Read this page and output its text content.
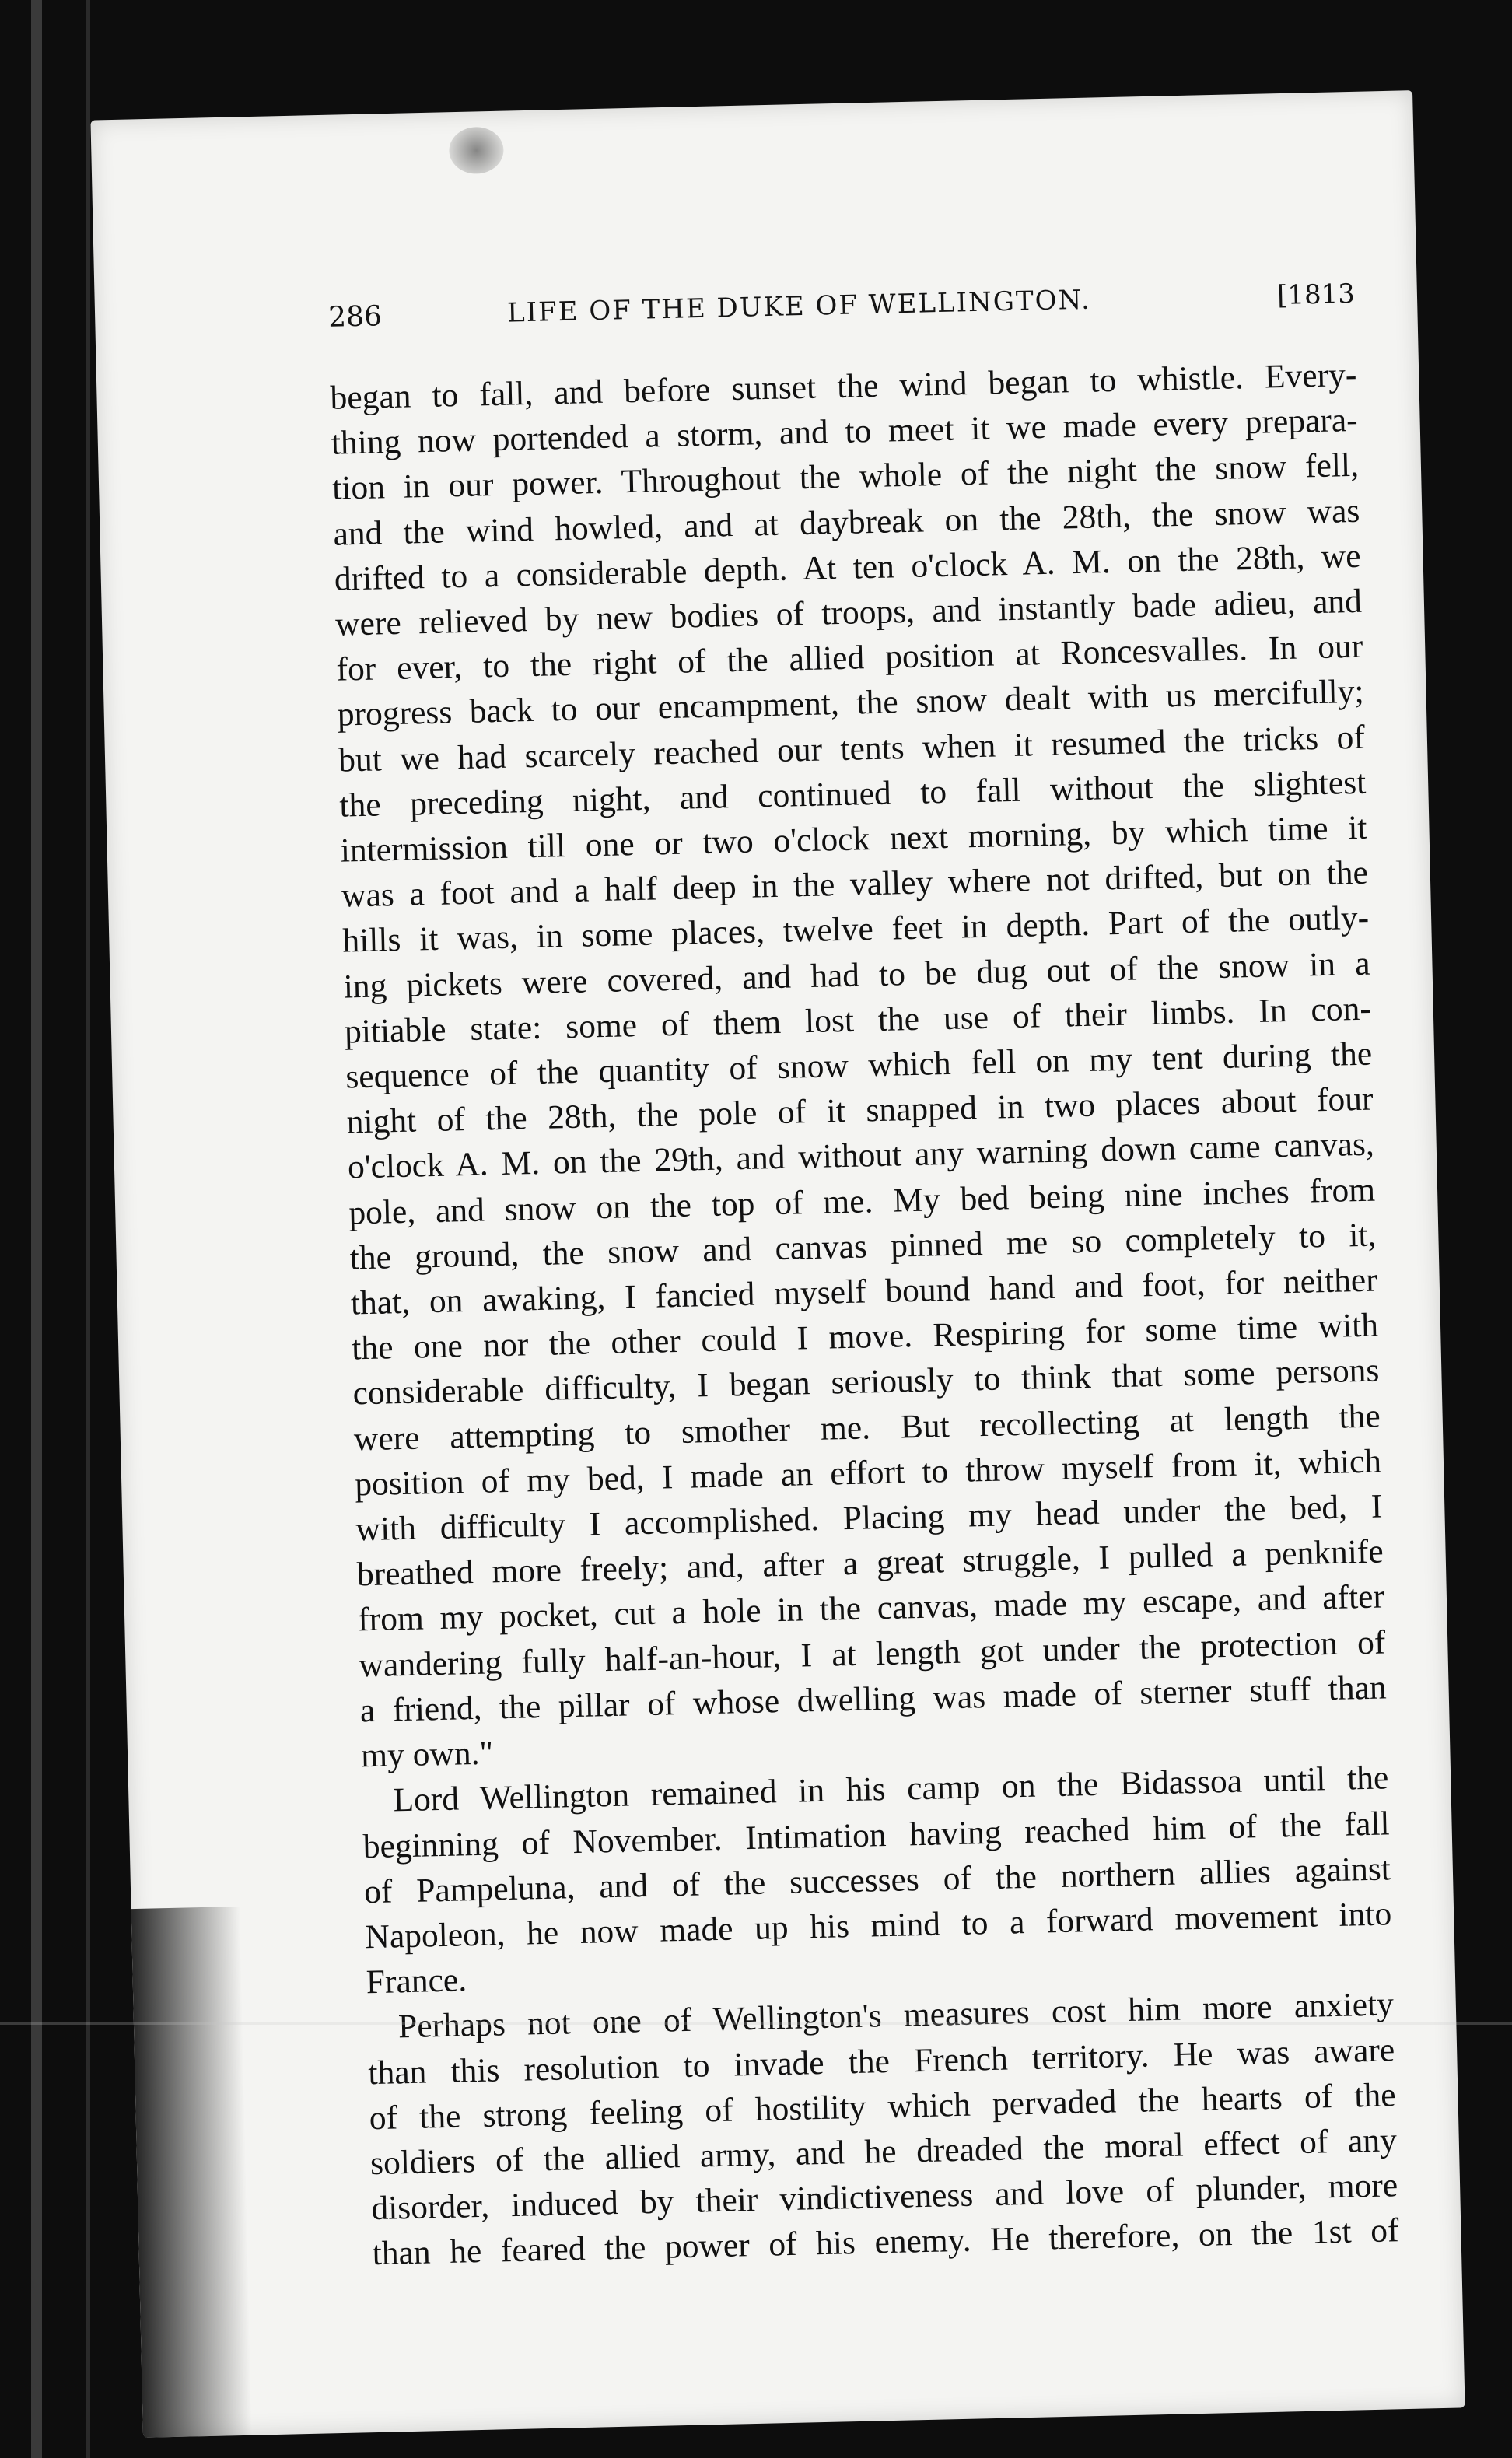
286	LIFE OF THE DUKE OF WELLINGTON.	[1813
began to fall, and before sunset the wind began to whistle. Every-
thing now portended a storm, and to meet it we made every prepara-
tion in our power. Throughout the whole of the night the snow fell,
and the wind howled, and at daybreak on the 28th, the snow was
drifted to a considerable depth. At ten o'clock A. M. on the 28th, we
were relieved by new bodies of troops, and instantly bade adieu, and
for ever, to the right of the allied position at Roncesvalles. In our
progress back to our encampment, the snow dealt with us mercifully;
but we had scarcely reached our tents when it resumed the tricks of
the preceding night, and continued to fall without the slightest
intermission till one or two o'clock next morning, by which time it
was a foot and a half deep in the valley where not drifted, but on the
hills it was, in some places, twelve feet in depth. Part of the outly-
ing pickets were covered, and had to be dug out of the snow in a
pitiable state: some of them lost the use of their limbs. In con-
sequence of the quantity of snow which fell on my tent during the
night of the 28th, the pole of it snapped in two places about four
o'clock A. M. on the 29th, and without any warning down came canvas,
pole, and snow on the top of me. My bed being nine inches from
the ground, the snow and canvas pinned me so completely to it,
that, on awaking, I fancied myself bound hand and foot, for neither
the one nor the other could I move. Respiring for some time with
considerable difficulty, I began seriously to think that some persons
were attempting to smother me. But recollecting at length the
position of my bed, I made an effort to throw myself from it, which
with difficulty I accomplished. Placing my head under the bed, I
breathed more freely; and, after a great struggle, I pulled a penknife
from my pocket, cut a hole in the canvas, made my escape, and after
wandering fully half-an-hour, I at length got under the protection of
a friend, the pillar of whose dwelling was made of sterner stuff than
my own."
Lord Wellington remained in his camp on the Bidassoa until the
beginning of November. Intimation having reached him of the fall
of Pampeluna, and of the successes of the northern allies against
Napoleon, he now made up his mind to a forward movement into
France.
Perhaps not one of Wellington's measures cost him more anxiety
than this resolution to invade the French territory. He was aware
of the strong feeling of hostility which pervaded the hearts of the
soldiers of the allied army, and he dreaded the moral effect of any
disorder, induced by their vindictiveness and love of plunder, more
than he feared the power of his enemy. He therefore, on the 1st of
